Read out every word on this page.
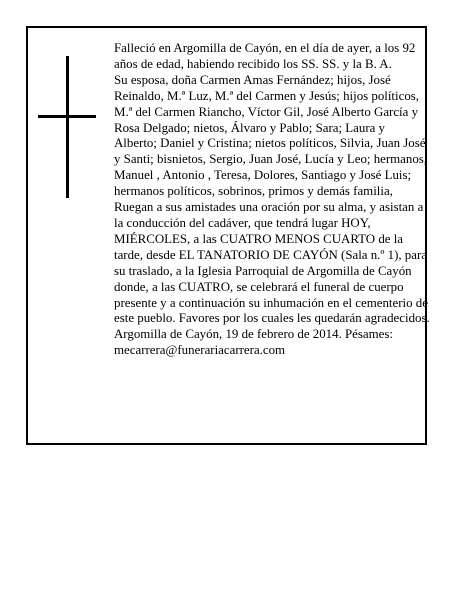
Falleció en Argomilla de Cayón, en el día de ayer, a los 92 años de edad, habiendo recibido los SS. SS. y la B. A.

Su esposa, doña Carmen Amas Fernández; hijos, José Reinaldo, M.ª Luz, M.ª del Carmen y Jesús; hijos políticos, M.ª del Carmen Riancho, Víctor Gil, José Alberto García y Rosa Delgado; nietos, Álvaro y Pablo; Sara; Laura y Alberto; Daniel y Cristina; nietos políticos, Silvia, Juan José y Santi; bisnietos, Sergio, Juan José, Lucía y Leo; hermanos, Manuel , Antonio , Teresa, Dolores, Santiago y José Luis; hermanos políticos, sobrinos, primos y demás familia,

Ruegan a sus amistades una oración por su alma, y asistan a la conducción del cadáver, que tendrá lugar HOY, MIÉRCOLES, a las CUATRO MENOS CUARTO de la tarde, desde EL TANATORIO DE CAYÓN (Sala n.º 1), para su traslado, a la Iglesia Parroquial de Argomilla de Cayón donde, a las CUATRO, se celebrará el funeral de cuerpo presente y a continuación su inhumación en el cementerio de este pueblo. Favores por los cuales les quedarán agradecidos.

Argomilla de Cayón, 19 de febrero de 2014. Pésames: mecarrera@funerariacarrera.com
